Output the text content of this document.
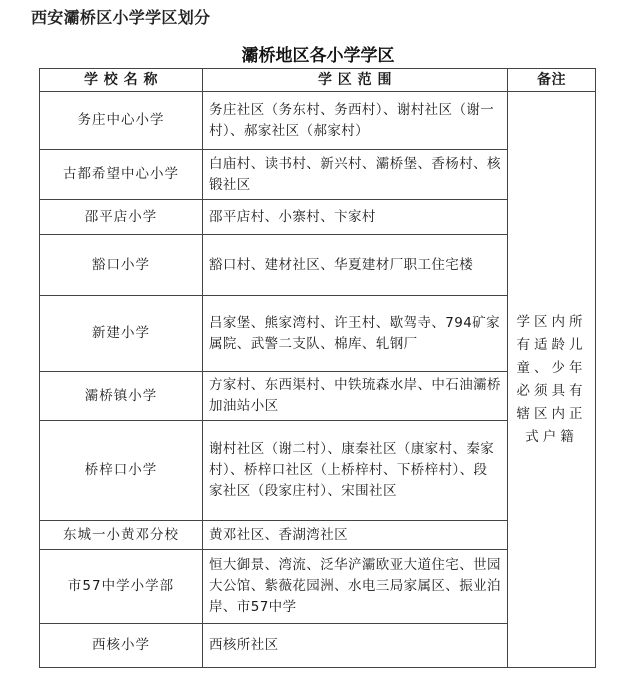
西安灞桥区小学学区划分
灞桥地区各小学学区
学 校 名 称	学 区 范 围	备注
务庄中心小学	务庄社区（务东村、务西村）、谢村社区（谢一村）、郝家社区（郝家村）	学区内所有适龄儿童、少年必须具有辖区内正式户籍
古都希望中心小学	白庙村、读书村、新兴村、灞桥堡、香杨村、核锻社区	
邵平店小学	邵平店村、小寨村、卞家村	
豁口小学	豁口村、建材社区、华夏建材厂职工住宅楼	
新建小学	吕家堡、熊家湾村、许王村、歇驾寺、794矿家属院、武警二支队、棉库、轧钢厂	
灞桥镇小学	方家村、东西渠村、中铁琉森水岸、中石油灞桥加油站小区	
桥梓口小学	谢村社区（谢二村）、康秦社区（康家村、秦家村）、桥梓口社区（上桥梓村、下桥梓村）、段家社区（段家庄村）、宋围社区	
东城一小黄邓分校	黄邓社区、香湖湾社区	
市57中学小学部	恒大御景、湾流、泛华浐灞欧亚大道住宅、世园大公馆、紫薇花园洲、水电三局家属区、振业泊岸、市57中学	
西核小学	西核所社区	
